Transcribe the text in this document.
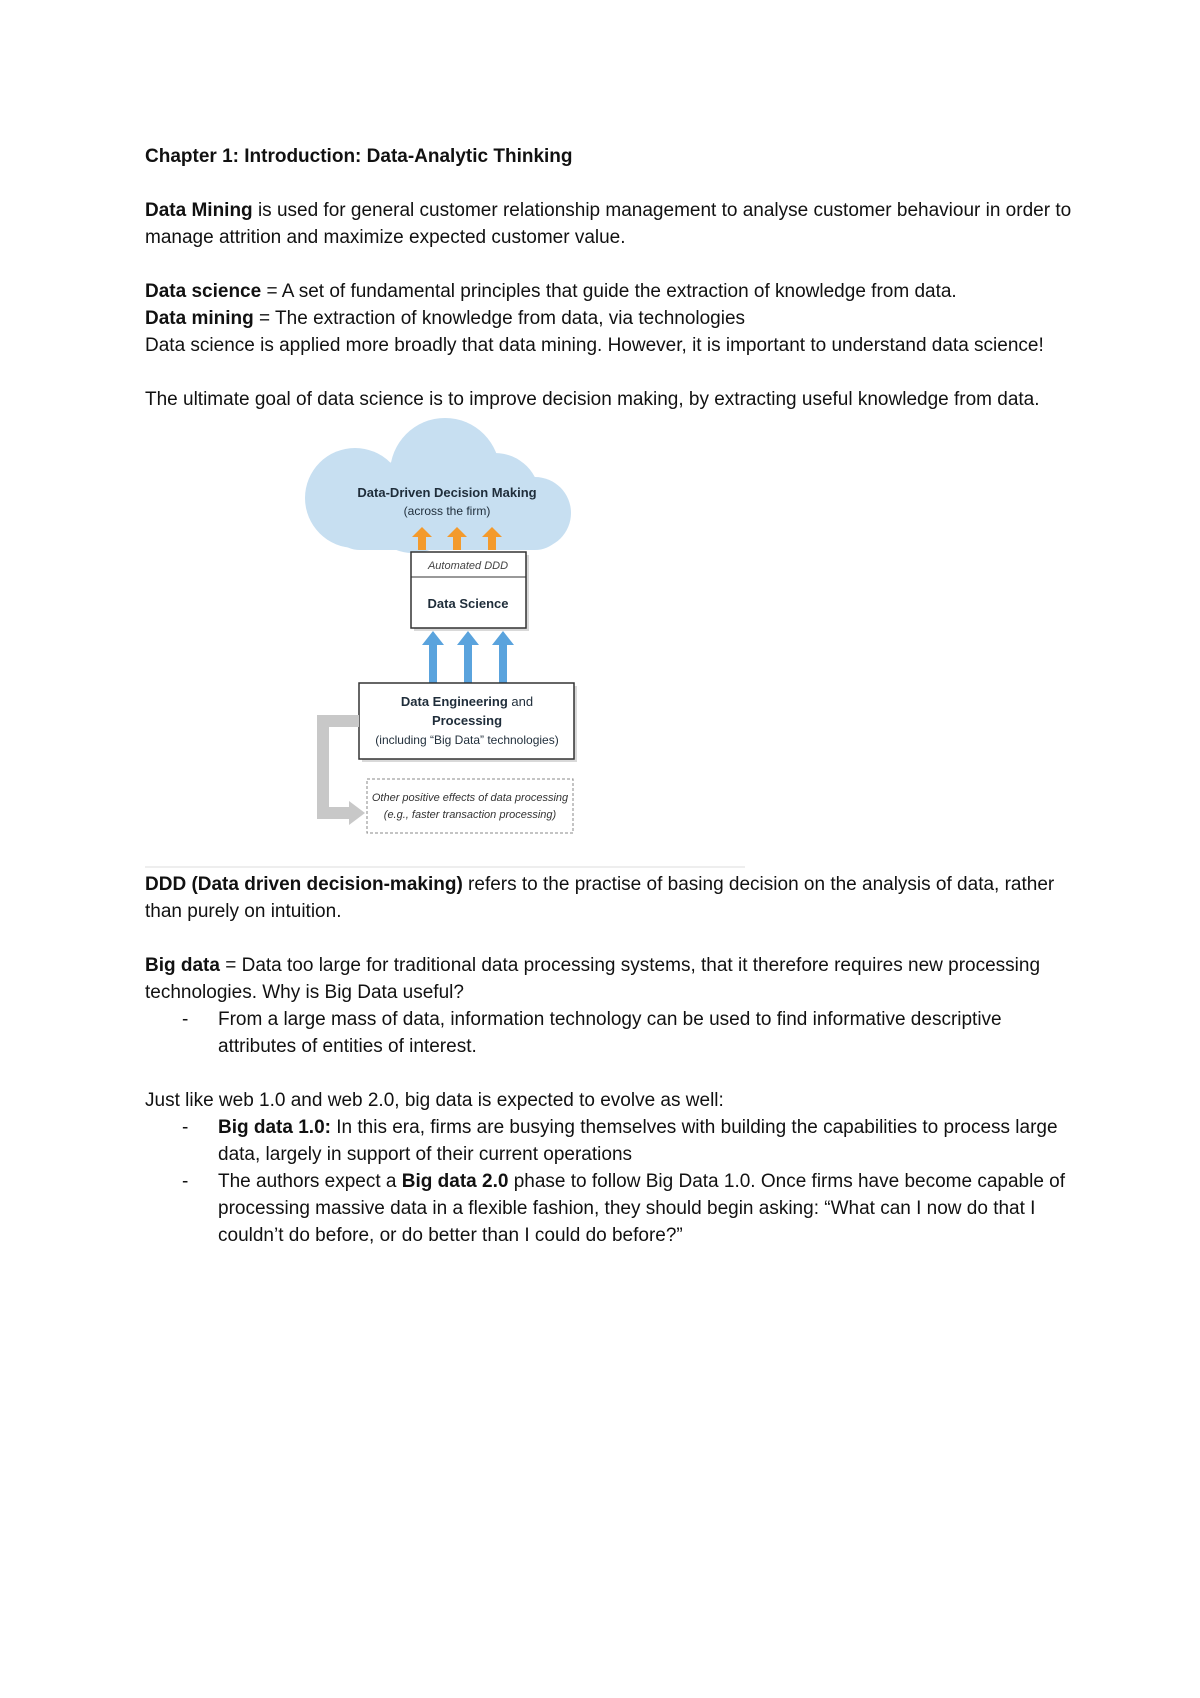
Chapter 1: Introduction: Data-Analytic Thinking

Data Mining is used for general customer relationship management to analyse customer behaviour in order to manage attrition and maximize expected customer value.

Data science = A set of fundamental principles that guide the extraction of knowledge from data.

Data mining = The extraction of knowledge from data, via technologies

Data science is applied more broadly that data mining. However, it is important to understand data science!

The ultimate goal of data science is to improve decision making, by extracting useful knowledge from data.

Data-Driven Decision Making
(across the firm)
Automated DDD
Data Science
Data Engineering and
Processing
(including “Big Data” technologies)
Other positive effects of data processing
(e.g., faster transaction processing)

DDD (Data driven decision-making) refers to the practise of basing decision on the analysis of data, rather than purely on intuition.

Big data = Data too large for traditional data processing systems, that it therefore requires new processing technologies. Why is Big Data useful?

- From a large mass of data, information technology can be used to find informative descriptive attributes of entities of interest.

Just like web 1.0 and web 2.0, big data is expected to evolve as well:

- Big data 1.0: In this era, firms are busying themselves with building the capabilities to process large data, largely in support of their current operations
- The authors expect a Big data 2.0 phase to follow Big Data 1.0. Once firms have become capable of processing massive data in a flexible fashion, they should begin asking: “What can I now do that I couldn’t do before, or do better than I could do before?”
